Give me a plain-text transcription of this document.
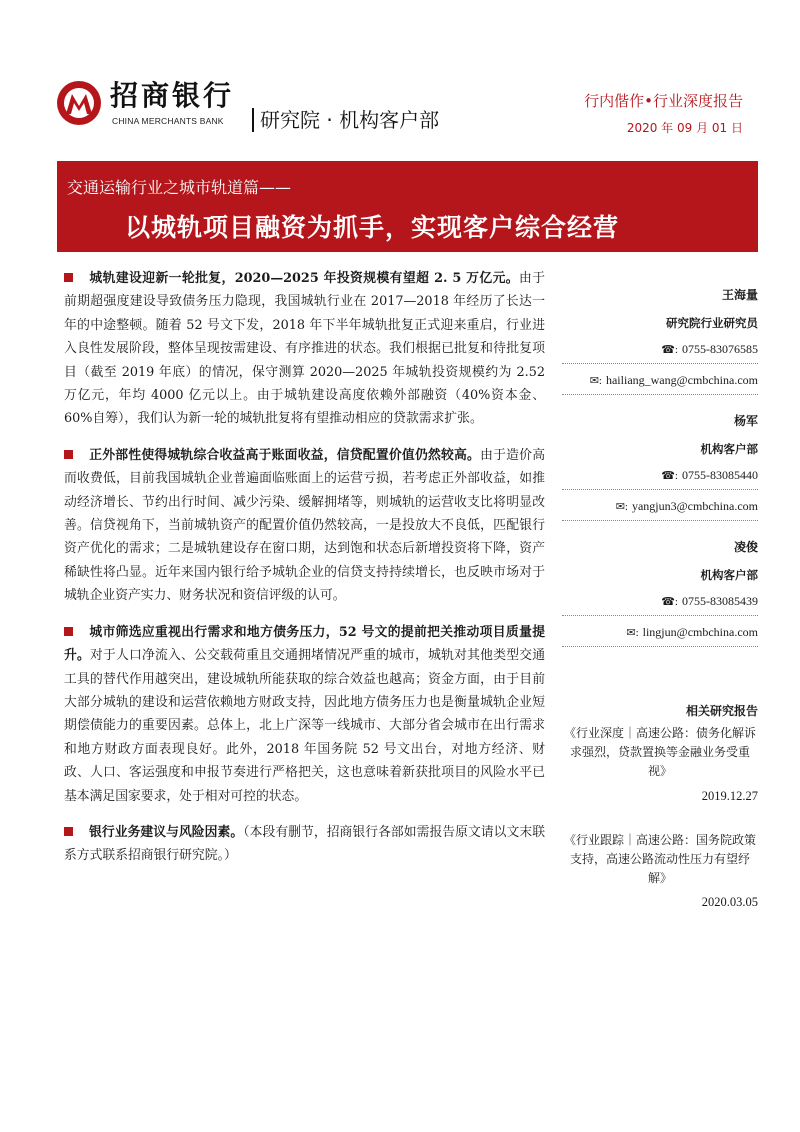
招商银行
CHINA MERCHANTS BANK 研究院 · 机构客户部
行内偕作•行业深度报告
2020 年 09 月 01 日
交通运输行业之城市轨道篇——
以城轨项目融资为抓手，实现客户综合经营

城轨建设迎新一轮批复，2020—2025 年投资规模有望超 2. 5 万亿元。由于前期超强度建设导致债务压力隐现，我国城轨行业在 2017—2018 年经历了长达一年的中途整顿。随着 52 号文下发，2018 年下半年城轨批复正式迎来重启，行业进入良性发展阶段，整体呈现按需建设、有序推进的状态。我们根据已批复和待批复项目（截至 2019 年底）的情况，保守测算 2020—2025 年城轨投资规模约为 2.52 万亿元，年均 4000 亿元以上。由于城轨建设高度依赖外部融资（40%资本金、60%自筹），我们认为新一轮的城轨批复将有望推动相应的贷款需求扩张。

正外部性使得城轨综合收益高于账面收益，信贷配置价值仍然较高。由于造价高而收费低，目前我国城轨企业普遍面临账面上的运营亏损，若考虑正外部收益，如推动经济增长、节约出行时间、减少污染、缓解拥堵等，则城轨的运营收支比将明显改善。信贷视角下，当前城轨资产的配置价值仍然较高，一是投放大不良低，匹配银行资产优化的需求；二是城轨建设存在窗口期，达到饱和状态后新增投资将下降，资产稀缺性将凸显。近年来国内银行给予城轨企业的信贷支持持续增长，也反映市场对于城轨企业资产实力、财务状况和资信评级的认可。

城市筛选应重视出行需求和地方债务压力，52 号文的提前把关推动项目质量提升。对于人口净流入、公交载荷重且交通拥堵情况严重的城市，城轨对其他类型交通工具的替代作用越突出，建设城轨所能获取的综合效益也越高；资金方面，由于目前大部分城轨的建设和运营依赖地方财政支持，因此地方债务压力也是衡量城轨企业短期偿债能力的重要因素。总体上，北上广深等一线城市、大部分省会城市在出行需求和地方财政方面表现良好。此外，2018 年国务院 52 号文出台，对地方经济、财政、人口、客运强度和申报节奏进行严格把关，这也意味着新获批项目的风险水平已基本满足国家要求，处于相对可控的状态。

银行业务建议与风险因素。（本段有删节，招商银行各部如需报告原文请以文末联系方式联系招商银行研究院。）

王海量
研究院行业研究员
☎: 0755-83076585
✉: hailiang_wang@cmbchina.com
杨军
机构客户部
☎: 0755-83085440
✉: yangjun3@cmbchina.com
凌俊
机构客户部
☎: 0755-83085439
✉: lingjun@cmbchina.com
相关研究报告
《行业深度｜高速公路：债务化解诉求强烈，贷款置换等金融业务受重视》
2019.12.27
《行业跟踪｜高速公路：国务院政策支持，高速公路流动性压力有望纾解》
2020.03.05
